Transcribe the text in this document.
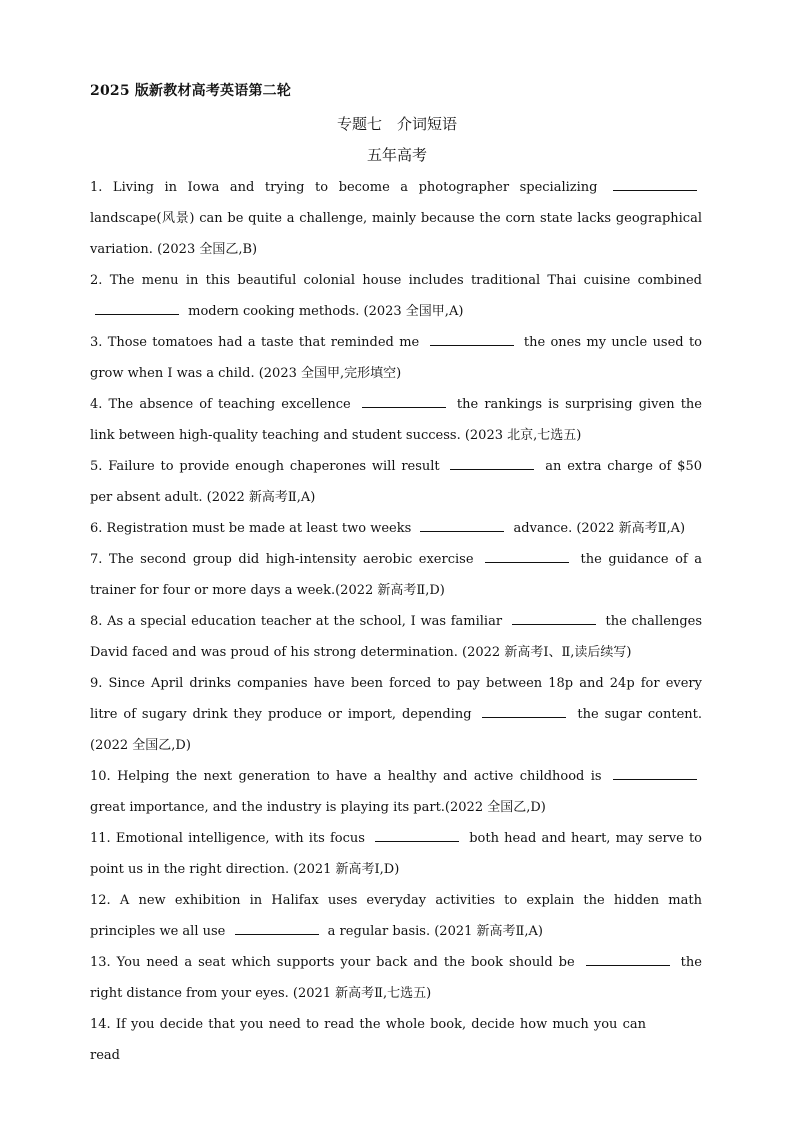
2025 版新教材高考英语第二轮
专题七　介词短语
五年高考
1. Living in Iowa and trying to become a photographer specializing  landscape(风景) can be quite a challenge, mainly because the corn state lacks geographical variation. (2023 全国乙,B)
2. The menu in this beautiful colonial house includes traditional Thai cuisine combined  modern cooking methods. (2023 全国甲,A)
3. Those tomatoes had a taste that reminded me	the ones my uncle used to grow when I was a child. (2023 全国甲,完形填空)
4. The absence of teaching excellence	the rankings is surprising given the link between high-quality teaching and student success. (2023 北京,七选五)
5. Failure to provide enough chaperones will result	an extra charge of $50 per absent adult. (2022 新高考Ⅱ,A)
6. Registration must be made at least two weeks	advance. (2022 新高考Ⅱ,A)
7. The second group did high-intensity aerobic exercise	the guidance of a trainer for four or more days a week.(2022 新高考Ⅱ,D)
8. As a special education teacher at the school, I was familiar	the challenges David faced and was proud of his strong determination. (2022 新高考Ⅰ、Ⅱ,读后续写)
9. Since April drinks companies have been forced to pay between 18p and 24p for every litre of sugary drink they produce or import, depending	the sugar content. (2022 全国乙,D)
10. Helping the next generation to have a healthy and active childhood is  great importance, and the industry is playing its part.(2022 全国乙,D)
11. Emotional intelligence, with its focus	both head and heart, may serve to point us in the right direction. (2021 新高考Ⅰ,D)
12. A new exhibition in Halifax uses everyday activities to explain the hidden math principles we all use	a regular basis. (2021 新高考Ⅱ,A)
13. You need a seat which supports your back and the book should be	the right distance from your eyes. (2021 新高考Ⅱ,七选五)
14. If you decide that you need to read the whole book, decide how much you canread
